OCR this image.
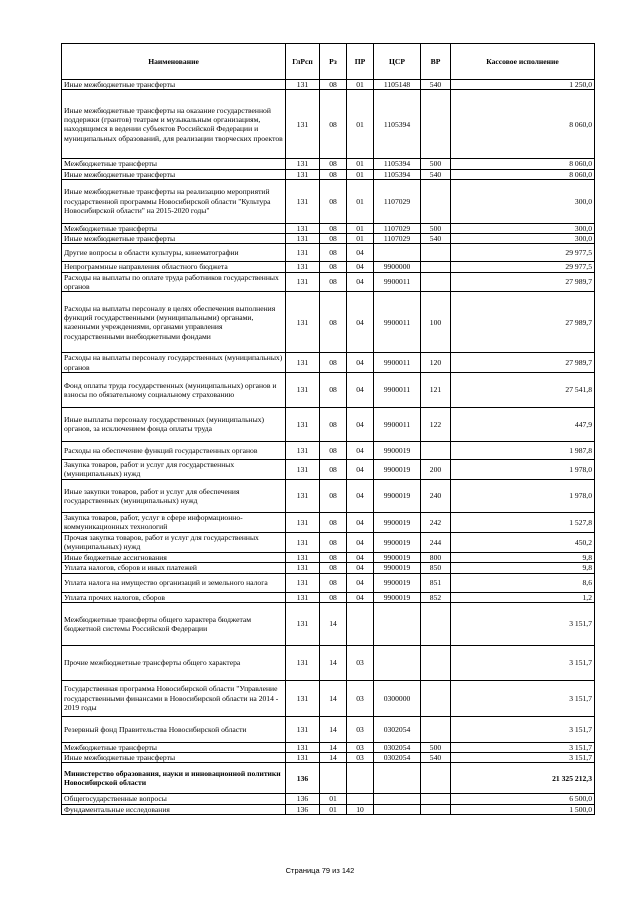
Наименование	ГлРсп	Рз	ПР	ЦСР	ВР	Кассовое исполнение
Иные межбюджетные трансферты	131	08	01	1105148	540	1 250,0
Иные межбюджетные трансферты на оказание государственной поддержки (грантов) театрам и музыкальным организациям, находящимся в ведении субъектов Российской Федерации и муниципальных образований, для реализации творческих проектов	131	08	01	1105394		8 060,0
Межбюджетные трансферты	131	08	01	1105394	500	8 060,0
Иные межбюджетные трансферты	131	08	01	1105394	540	8 060,0
Иные межбюджетные трансферты на реализацию мероприятий государственной программы Новосибирской области "Культура Новосибирской области" на 2015-2020 годы"	131	08	01	1107029		300,0
Межбюджетные трансферты	131	08	01	1107029	500	300,0
Иные межбюджетные трансферты	131	08	01	1107029	540	300,0
Другие вопросы в области культуры, кинематографии	131	08	04			29 977,5
Непрограммные направления областного бюджета	131	08	04	9900000		29 977,5
Расходы на выплаты по оплате труда работников государственных органов	131	08	04	9900011		27 989,7
Расходы на выплаты персоналу в целях обеспечения выполнения функций государственными (муниципальными) органами, казенными учреждениями, органами управления государственными внебюджетными фондами	131	08	04	9900011	100	27 989,7
Расходы на выплаты персоналу государственных (муниципальных) органов	131	08	04	9900011	120	27 989,7
Фонд оплаты труда государственных (муниципальных) органов и взносы по обязательному социальному страхованию	131	08	04	9900011	121	27 541,8
Иные выплаты персоналу государственных (муниципальных) органов, за исключением фонда оплаты труда	131	08	04	9900011	122	447,9
Расходы на обеспечение функций государственных органов	131	08	04	9900019		1 987,8
Закупка товаров, работ и услуг для государственных (муниципальных) нужд	131	08	04	9900019	200	1 978,0
Иные закупки товаров, работ и услуг для обеспечения государственных (муниципальных) нужд	131	08	04	9900019	240	1 978,0
Закупка товаров, работ, услуг в сфере информационно-коммуникационных технологий	131	08	04	9900019	242	1 527,8
Прочая закупка товаров, работ и услуг для государственных (муниципальных) нужд	131	08	04	9900019	244	450,2
Иные бюджетные ассигнования	131	08	04	9900019	800	9,8
Уплата налогов, сборов и иных платежей	131	08	04	9900019	850	9,8
Уплата налога на имущество организаций и земельного налога	131	08	04	9900019	851	8,6
Уплата прочих налогов, сборов	131	08	04	9900019	852	1,2
Межбюджетные трансферты общего характера бюджетам бюджетной системы Российской Федерации	131	14				3 151,7
Прочие межбюджетные трансферты общего характера	131	14	03			3 151,7
Государственная программа Новосибирской области "Управление государственными финансами в Новосибирской области на 2014 - 2019 годы	131	14	03	0300000		3 151,7
Резервный фонд Правительства Новосибирской области	131	14	03	0302054		3 151,7
Межбюджетные трансферты	131	14	03	0302054	500	3 151,7
Иные межбюджетные трансферты	131	14	03	0302054	540	3 151,7
Министерство образования, науки и инновационной политики Новосибирской области	136					21 325 212,3
Общегосударственные вопросы	136	01				6 500,0
Фундаментальные исследования	136	01	10			1 500,0
Страница 79 из 142
